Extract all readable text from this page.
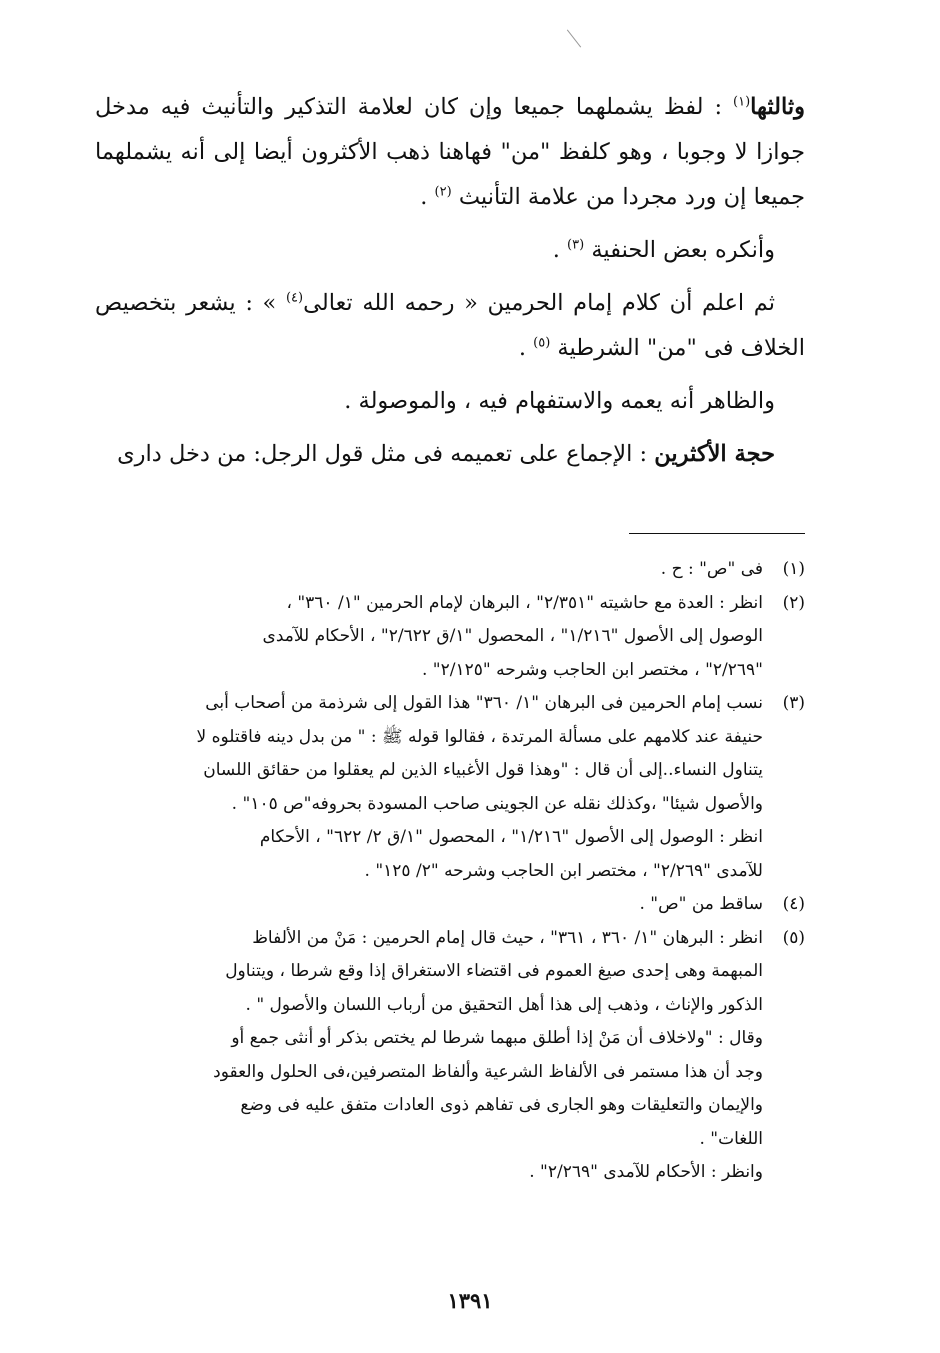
وثالثها$^{(١)}$ : لفظ يشملهما جميعا وإن كان لعلامة التذكير والتأنيث فيه مدخل جوازا لا وجوبا ، وهو كلفظ "من" فهاهنا ذهب الأكثرون أيضا إلى أنه يشملهما جميعا إن ورد مجردا من علامة التأنيث $^{(٢)}$ .

وأنكره بعض الحنفية $^{(٣)}$ .

ثم اعلم أن كلام إمام الحرمين « رحمه الله تعالى$^{(٤)}$ » : يشعر بتخصيص الخلاف فى "من" الشرطية $^{(٥)}$ .

والظاهر أنه يعمه والاستفهام فيه ، والموصولة .

حجة الأكثرين : الإجماع على تعميمه فى مثل قول الرجل: من دخل دارى

(١)
فى "ص" : ح .
(٢)
انظر : العدة مع حاشيته "٢/٣٥١" ، البرهان لإمام الحرمين "١/ ٣٦٠" ،
الوصول إلى الأصول "١/٢١٦" ، المحصول "١/ق ٢/٦٢٢" ، الأحكام للآمدى
"٢/٢٦٩" ، مختصر ابن الحاجب وشرحه "٢/١٢٥" .
(٣)
نسب إمام الحرمين فى البرهان "١/ ٣٦٠" هذا القول إلى شرذمة من أصحاب أبى
حنيفة عند كلامهم على مسألة المرتدة ، فقالوا قوله ﷺ : " من بدل دينه فاقتلوه لا
يتناول النساء..إلى أن قال : "وهذا قول الأغبياء الذين لم يعقلوا من حقائق اللسان
والأصول شيئا" ،وكذلك نقله عن الجوينى صاحب المسودة بحروفه"ص ١٠٥" .
انظر : الوصول إلى الأصول "١/٢١٦" ، المحصول "١/ق ٢/ ٦٢٢" ، الأحكام
للآمدى "٢/٢٦٩" ، مختصر ابن الحاجب وشرحه "٢/ ١٢٥" .
(٤)
ساقط من "ص" .
(٥)
انظر : البرهان "١/ ٣٦٠ ، ٣٦١" ، حيث قال إمام الحرمين : مَنْ من الألفاظ
المبهمة وهى إحدى صيغ العموم فى اقتضاء الاستغراق إذا وقع شرطا ، ويتناول
الذكور والإناث ، وذهب إلى هذا أهل التحقيق من أرباب اللسان والأصول " .
وقال : "ولاخلاف أن مَنْ إذا أطلق مبهما شرطا لم يختص بذكر أو أنثى جمع أو
وجد أن هذا مستمر فى الألفاظ الشرعية وألفاظ المتصرفين،فى الحلول والعقود
والإيمان والتعليقات وهو الجارى فى تفاهم ذوى العادات متفق عليه فى وضع
اللغات" .
وانظر : الأحكام للآمدى "٢/٢٦٩" .
١٣٩١
